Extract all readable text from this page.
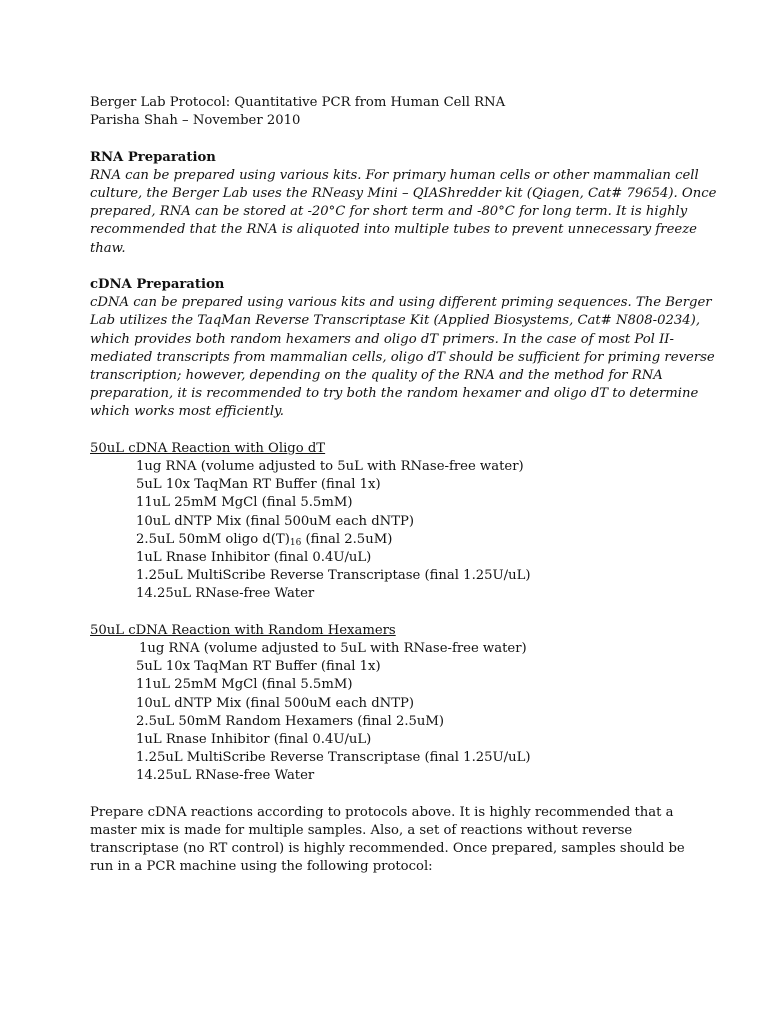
Berger Lab Protocol: Quantitative PCR from Human Cell RNA
Parisha Shah – November 2010
RNA Preparation
RNA can be prepared using various kits. For primary human cells or other mammalian cell
culture, the Berger Lab uses the RNeasy Mini – QIAShredder kit (Qiagen, Cat# 79654). Once
prepared, RNA can be stored at -20°C for short term and -80°C for long term. It is highly
recommended that the RNA is aliquoted into multiple tubes to prevent unnecessary freeze
thaw.
cDNA Preparation
cDNA can be prepared using various kits and using different priming sequences. The Berger
Lab utilizes the TaqMan Reverse Transcriptase Kit (Applied Biosystems, Cat# N808-0234),
which provides both random hexamers and oligo dT primers. In the case of most Pol II-
mediated transcripts from mammalian cells, oligo dT should be sufficient for priming reverse
transcription; however, depending on the quality of the RNA and the method for RNA
preparation, it is recommended to try both the random hexamer and oligo dT to determine
which works most efficiently.
50uL cDNA Reaction with Oligo dT
1ug RNA (volume adjusted to 5uL with RNase-free water)
5uL 10x TaqMan RT Buffer (final 1x)
11uL 25mM MgCl (final 5.5mM)
10uL dNTP Mix (final 500uM each dNTP)
2.5uL 50mM oligo $d(T)_{16}$ (final 2.5uM)
1uL Rnase Inhibitor (final 0.4U/uL)
1.25uL MultiScribe Reverse Transcriptase (final 1.25U/uL)
14.25uL RNase-free Water
50uL cDNA Reaction with Random Hexamers
1ug RNA (volume adjusted to 5uL with RNase-free water)
5uL 10x TaqMan RT Buffer (final 1x)
11uL 25mM MgCl (final 5.5mM)
10uL dNTP Mix (final 500uM each dNTP)
2.5uL 50mM Random Hexamers (final 2.5uM)
1uL Rnase Inhibitor (final 0.4U/uL)
1.25uL MultiScribe Reverse Transcriptase (final 1.25U/uL)
14.25uL RNase-free Water
Prepare cDNA reactions according to protocols above. It is highly recommended that a
master mix is made for multiple samples. Also, a set of reactions without reverse
transcriptase (no RT control) is highly recommended. Once prepared, samples should be
run in a PCR machine using the following protocol:
